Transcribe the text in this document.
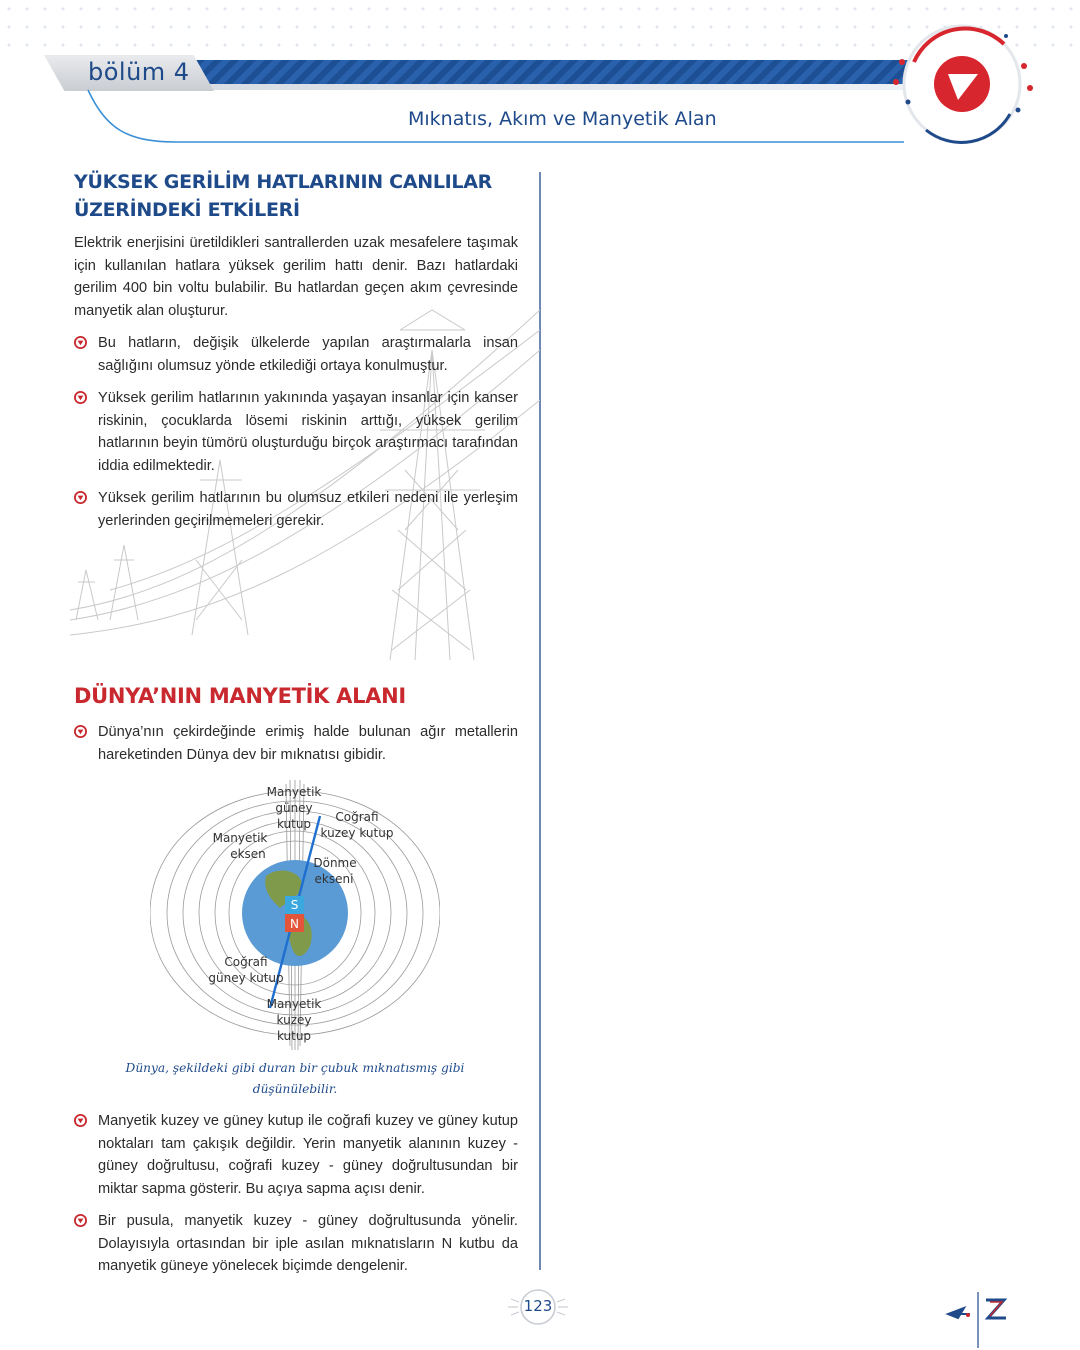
bölüm 4
Mıknatıs, Akım ve Manyetik Alan
YÜKSEK GERİLİM HATLARININ CANLILAR
ÜZERİNDEKİ ETKİLERİ
Elektrik enerjisini üretildikleri santrallerden uzak mesafelere taşımak için kullanılan hatlara yüksek gerilim hattı denir. Bazı hatlardaki gerilim 400 bin voltu bulabilir. Bu hatlardan geçen akım çevresinde manyetik alan oluşturur.
Bu hatların, değişik ülkelerde yapılan araştırmalarla insan sağlığını olumsuz yönde etkilediği ortaya konulmuştur.
Yüksek gerilim hatlarının yakınında yaşayan insanlar için kanser riskinin, çocuklarda lösemi riskinin arttığı, yüksek gerilim hatlarının beyin tümörü oluşturduğu birçok araştırmacı tarafından iddia edilmektedir.
Yüksek gerilim hatlarının bu olumsuz etkileri nedeni ile yerleşim yerlerinden geçirilmemeleri gerekir.
DÜNYA’NIN MANYETİK ALANI
Dünya’nın çekirdeğinde erimiş halde bulunan ağır metallerin hareketinden Dünya dev bir mıknatısı gibidir.
S
N
Manyetik
güney
kutup Coğrafi
kuzey kutup
Manyetik
eksen
Dönme
ekseni
Coğrafi
güney kutup
Manyetik
kuzey
kutup
Dünya, şekildeki gibi duran bir çubuk mıknatısmış gibi
düşünülebilir.
Manyetik kuzey ve güney kutup ile coğrafi kuzey ve güney kutup noktaları tam çakışık değildir. Yerin manyetik alanının kuzey - güney doğrultusu, coğrafi kuzey - güney doğrultusundan bir miktar sapma gösterir. Bu açıya sapma açısı denir.
Bir pusula, manyetik kuzey - güney doğrultusunda yönelir. Dolayısıyla ortasından bir iple asılan mıknatısların N kutbu da manyetik güneye yönelecek biçimde dengelenir.
123
